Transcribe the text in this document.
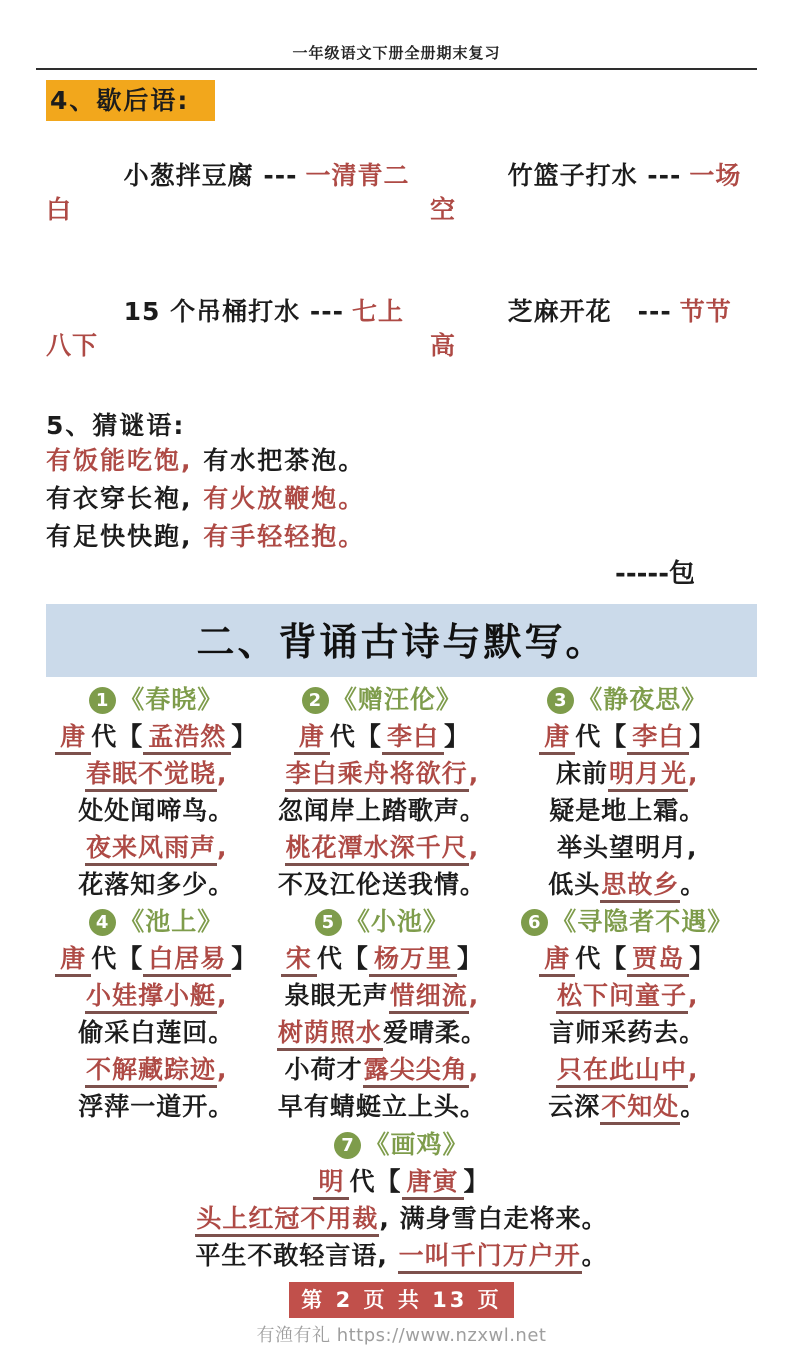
一年级语文下册全册期末复习
4、歇后语:

小葱拌豆腐 --- 一清青二白

竹篮子打水 --- 一场空

15 个吊桶打水 --- 七上八下

芝麻开花　--- 节节高

5、猜谜语:
有饭能吃饱, 有水把茶泡。
有衣穿长袍, 有火放鞭炮。
有足快快跑, 有手轻轻抱。
-----包
二、背诵古诗与默写。
1 《春晓》
唐 代【 孟浩然 】
春眠不觉晓,
处处闻啼鸟。
夜来风雨声,
花落知多少。
2 《赠汪伦》
唐 代【 李白 】
李白乘舟将欲行,
忽闻岸上踏歌声。
桃花潭水深千尺,
不及江伦送我情。
3 《静夜思》
唐 代【 李白 】
床前明月光,
疑是地上霜。
举头望明月,
低头思故乡。
4 《池上》
唐 代【 白居易 】
小娃撑小艇,
偷采白莲回。
不解藏踪迹,
浮萍一道开。
5 《小池》
宋 代【 杨万里 】
泉眼无声惜细流,
树荫照水爱晴柔。
小荷才露尖尖角,
早有蜻蜓立上头。
6 《寻隐者不遇》
唐 代【 贾岛 】
松下问童子,
言师采药去。
只在此山中,
云深不知处。
7 《画鸡》
明 代【 唐寅 】
头上红冠不用裁, 满身雪白走将来。
平生不敢轻言语, 一叫千门万户开。
第 2 页 共 13 页
有渔有礼 https://www.nzxwl.net
